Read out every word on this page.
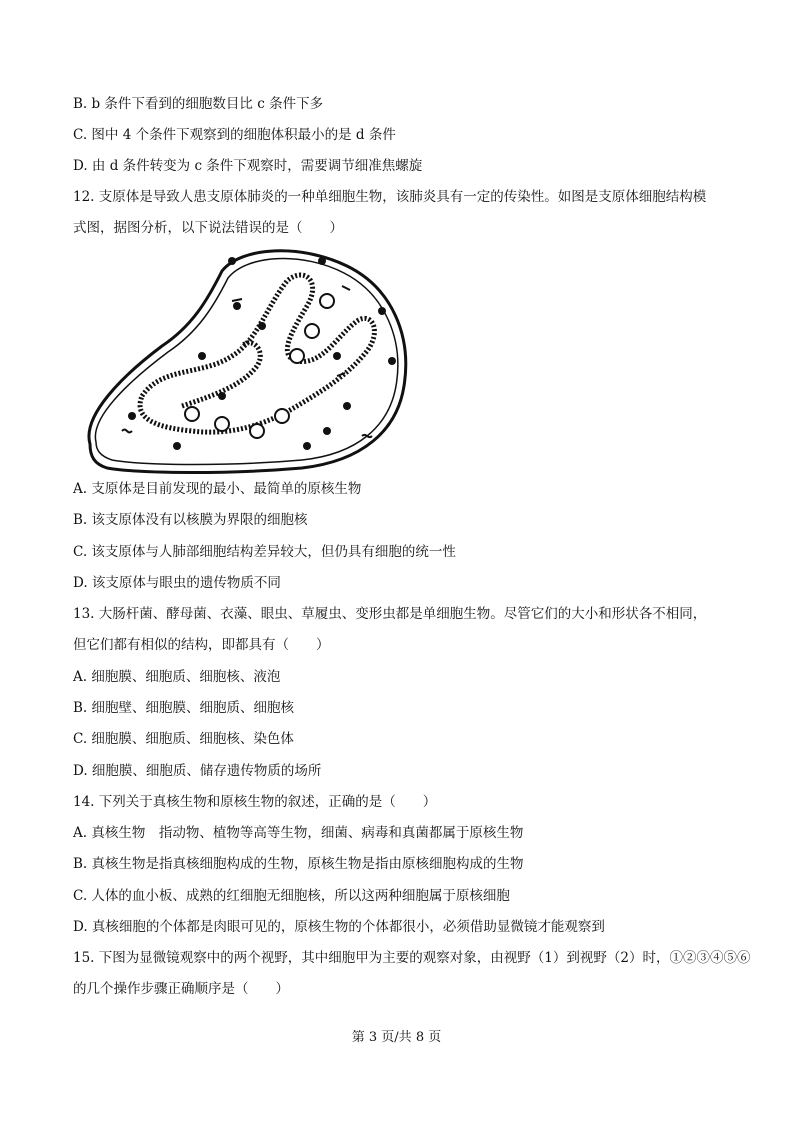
B. b 条件下看到的细胞数目比 c 条件下多
C. 图中 4 个条件下观察到的细胞体积最小的是 d 条件
D. 由 d 条件转变为 c 条件下观察时，需要调节细准焦螺旋
12. 支原体是导致人患支原体肺炎的一种单细胞生物，该肺炎具有一定的传染性。如图是支原体细胞结构模
式图，据图分析，以下说法错误的是（　　）
A. 支原体是目前发现的最小、最简单的原核生物
B. 该支原体没有以核膜为界限的细胞核
C. 该支原体与人肺部细胞结构差异较大，但仍具有细胞的统一性
D. 该支原体与眼虫的遗传物质不同
13. 大肠杆菌、酵母菌、衣藻、眼虫、草履虫、变形虫都是单细胞生物。尽管它们的大小和形状各不相同，
但它们都有相似的结构，即都具有（　　）
A. 细胞膜、细胞质、细胞核、液泡
B. 细胞壁、细胞膜、细胞质、细胞核
C. 细胞膜、细胞质、细胞核、染色体
D. 细胞膜、细胞质、储存遗传物质的场所
14. 下列关于真核生物和原核生物的叙述，正确的是（　　）
A. 真核生物　指动物、植物等高等生物，细菌、病毒和真菌都属于原核生物
B. 真核生物是指真核细胞构成的生物，原核生物是指由原核细胞构成的生物
C. 人体的血小板、成熟的红细胞无细胞核，所以这两种细胞属于原核细胞
D. 真核细胞的个体都是肉眼可见的，原核生物的个体都很小，必须借助显微镜才能观察到
15. 下图为显微镜观察中的两个视野，其中细胞甲为主要的观察对象，由视野（1）到视野（2）时，①②③④⑤⑥
的几个操作步骤正确顺序是（　　）
第 3 页/共 8 页
